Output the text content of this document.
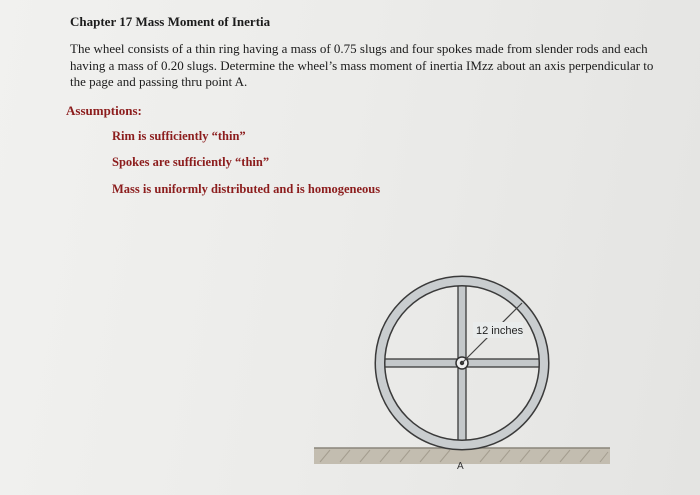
Chapter 17 Mass Moment of Inertia

The wheel consists of a thin ring having a mass of 0.75 slugs and four spokes made from slender rods and each having a mass of 0.20 slugs. Determine the wheel’s mass moment of inertia IMzz about an axis perpendicular to the page and passing thru point A.

Assumptions:
Rim is sufficiently “thin”
Spokes are sufficiently “thin”
Mass is uniformly distributed and is homogeneous
12 inches
A
